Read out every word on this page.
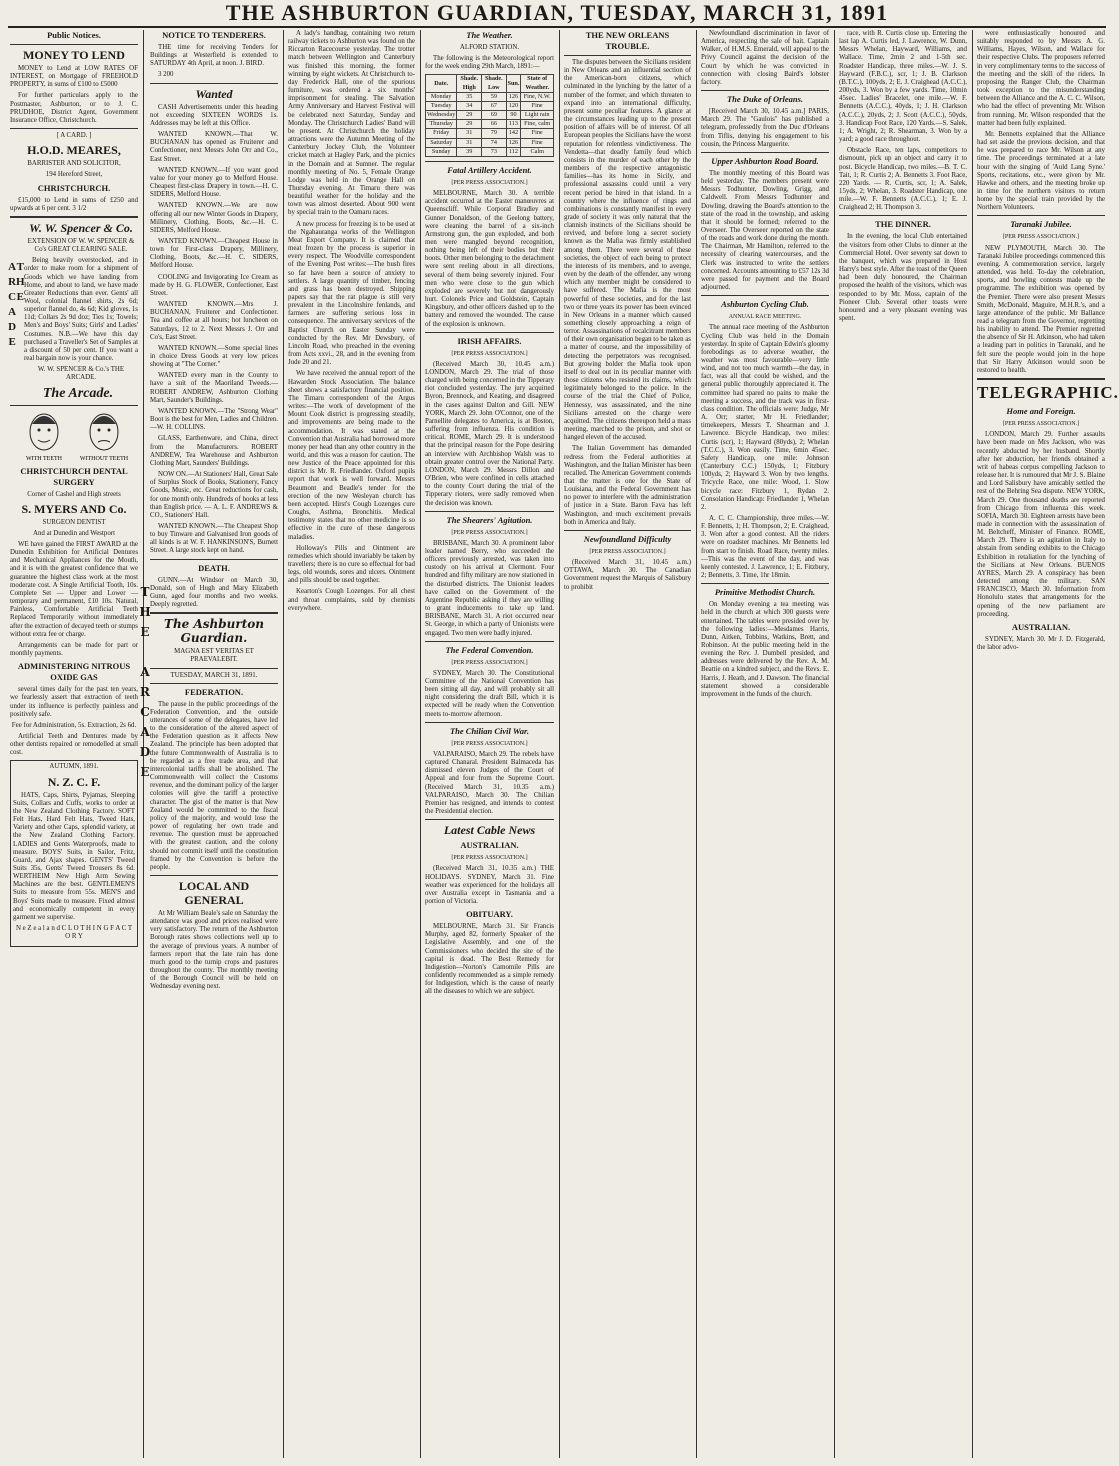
THE ASHBURTON GUARDIAN, TUESDAY, MARCH 31, 1891

Public Notices.

MONEY TO LEND

MONEY to Lend at LOW RATES OF INTEREST, on Mortgage of FREEHOLD PROPERTY, in sums of £100 to £5000

For further particulars apply to the Postmaster, Ashburton, or to J. C. PRUDHOE, District Agent, Government Insurance Office, Christchurch.

[ A CARD. ]

H.O.D. MEARES,

BARRISTER AND SOLICITOR,

194 Hereford Street,

CHRISTCHURCH.

£15,000 to Lend in sums of £250 and upwards at 6 per cent. 3 1/2

THE ARCADE

W. W. Spencer & Co.

EXTENSION OF W. W. SPENCER & Co's GREAT CLEARING SALE.

Being heavily overstocked, and in order to make room for a shipment of Goods which we have landing from Home, and about to land, we have made Greater Reductions than ever. Gents' all Wool, colonial flannel shirts, 2s 6d; superior flannel do, 4s 6d; Kid gloves, 1s 11d; Collars 2s 9d doz; Ties 1s; Towels; Men's and Boys' Suits; Girls' and Ladies' Costumes. N.B.—We have this day purchased a Traveller's Set of Samples at a discount of 50 per cent. If you want a real bargain now is your chance.

W. W. SPENCER & Co.'s THE ARCADE.

The Arcade.

WITH TEETH	WITHOUT TEETH

CHRISTCHURCH DENTAL SURGERY

Corner of Cashel and High streets

S. MYERS AND Co.

SURGEON DENTIST

And at Dunedin and Westport

WE have gained the FIRST AWARD at the Dunedin Exhibition for Artificial Dentures and Mechanical Appliances for the Mouth, and it is with the greatest confidence that we guarantee the highest class work at the most moderate cost. A Single Artificial Tooth, 10s. Complete Set — Upper and Lower — temporary and permanent, £10 10s. Natural, Painless, Comfortable Artificial Teeth Replaced Temporarily without immediately after the extraction of decayed teeth or stumps without extra fee or charge.

Arrangements can be made for part or monthly payments.

ADMINISTERING NITROUS OXIDE GAS

several times daily for the past ten years, we fearlessly assert that extraction of teeth under its influence is perfectly painless and positively safe.

Fee for Administration, 5s. Extraction, 2s 6d.

Artificial Teeth and Dentures made by other dentists repaired or remodelled at small cost.

AUTUMN, 1891.

N. Z. C. F.

HATS, Caps, Shirts, Pyjamas, Sleeping Suits, Collars and Cuffs, works to order at the New Zealand Clothing Factory. SOFT Felt Hats, Hard Felt Hats, Tweed Hats, Variety and other Caps, splendid variety, at the New Zealand Clothing Factory. LADIES and Gents Waterproofs, made to measure. BOYS' Suits, in Sailor, Fritz, Guard, and Ajax shapes. GENTS' Tweed Suits 35s, Gents' Tweed Trousers 8s 6d. WERTHEIM New High Arm Sewing Machines are the best. GENTLEMEN'S Suits to measure from 55s. MEN'S and Boys' Suits made to measure. Fixed almost and economically competent in every garment we supervise.

N e Z e a l a n d C L O T H I N G F A C T O R Y

THE ARCADE

NOTICE TO TENDERERS.

THE time for receiving Tenders for Buildings at Westerfield is extended to SATURDAY 4th April, at noon. J. BIRD.

3 200

Wanted

CASH Advertisements under this heading not exceeding SIXTEEN WORDS 1s. Addresses may be left at this Office.

WANTED KNOWN.—That W. BUCHANAN has opened as Fruiterer and Confectioner, next Messrs John Orr and Co., East Street.

WANTED KNOWN.—If you want good value for your money go to Melford House. Cheapest first-class Drapery in town.—H. C. SIDERS, Melford House.

WANTED KNOWN.—We are now offering all our new Winter Goods in Drapery, Millinery, Clothing, Boots, &c.—H. C. SIDERS, Melford House.

WANTED KNOWN.—Cheapest House in town for First-class Drapery, Millinery, Clothing, Boots, &c.—H. C. SIDERS, Melford House.

COOLING and Invigorating Ice Cream as made by H. G. FLOWER, Confectioner, East Street.

WANTED KNOWN.—Mrs J. BUCHANAN, Fruiterer and Confectioner. Tea and coffee at all hours; hot luncheon on Saturdays, 12 to 2. Next Messrs J. Orr and Co's, East Street.

WANTED KNOWN.—Some special lines in choice Dress Goods at very low prices showing at "The Corner."

WANTED every man in the County to have a suit of the Maoriland Tweeds.—ROBERT ANDREW, Ashburton Clothing Mart, Saunder's Buildings.

WANTED KNOWN.—The "Strong Wear" Boot is the best for Men, Ladies and Children.—W. H. COLLINS.

GLASS, Earthenware, and China, direct from the Manufacturers. ROBERT ANDREW, Tea Warehouse and Ashburton Clothing Mart, Saunders' Buildings.

NOW ON.—At Stationers' Hall, Great Sale of Surplus Stock of Books, Stationery, Fancy Goods, Music, etc. Great reductions for cash, for one month only. Hundreds of books at less than English price. — A. L. F. ANDREWS & CO., Stationers' Hall.

WANTED KNOWN.—The Cheapest Shop to buy Tinware and Galvanised Iron goods of all kinds is at W. F. HANKINSON'S, Burnett Street. A large stock kept on hand.

DEATH.

GUNN.—At Windsor on March 30, Donald, son of Hugh and Mary Elizabeth Gunn, aged four months and two weeks. Deeply regretted.

The Ashburton Guardian.

MAGNA EST VERITAS ET PRAEVALEBIT.

TUESDAY, MARCH 31, 1891.

FEDERATION.

The pause in the public proceedings of the Federation Convention, and the outside utterances of some of the delegates, have led to the consideration of the altered aspect of the Federation question as it affects New Zealand. The principle has been adopted that the future Commonwealth of Australia is to be regarded as a free trade area, and that intercolonial tariffs shall be abolished. The Commonwealth will collect the Customs revenue, and the dominant policy of the larger colonies will give the tariff a protective character. The gist of the matter is that New Zealand would be committed to the fiscal policy of the majority, and would lose the power of regulating her own trade and revenue. The question must be approached with the greatest caution, and the colony should not commit itself until the constitution framed by the Convention is before the people.

LOCAL AND GENERAL

At Mr William Beale's sale on Saturday the attendance was good and prices realised were very satisfactory. The return of the Ashburton Borough rates shows collections well up to the average of previous years. A number of farmers report that the late rain has done much good to the turnip crops and pastures throughout the county. The monthly meeting of the Borough Council will be held on Wednesday evening next.

A lady's handbag, containing two return railway tickets to Ashburton was found on the Riccarton Racecourse yesterday. The trotter match between Wellington and Canterbury was finished this morning, the former winning by eight wickets. At Christchurch to-day Frederick Hall, one of the spurious furniture, was ordered a six months' imprisonment for stealing. The Salvation Army Anniversary and Harvest Festival will be celebrated next Saturday, Sunday and Monday. The Christchurch Ladies' Band will be present. At Christchurch the holiday attractions were the Autumn Meeting of the Canterbury Jockey Club, the Volunteer cricket match at Hagley Park, and the picnics in the Domain and at Sumner. The regular monthly meeting of No. 5, Female Orange Lodge was held in the Orange Hall on Thursday evening. At Timaru there was beautiful weather for the holiday and the town was almost deserted. About 900 went by special train to the Oamaru races.

A new process for freezing is to be used at the Ngahauranga works of the Wellington Meat Export Company. It is claimed that meat frozen by the process is superior in every respect. The Woodville correspondent of the Evening Post writes:—The bush fires so far have been a source of anxiety to settlers. A large quantity of timber, fencing and grass has been destroyed. Shipping papers say that the rat plague is still very prevalent in the Lincolnshire fenlands, and farmers are suffering serious loss in consequence. The anniversary services of the Baptist Church on Easter Sunday were conducted by the Rev. Mr Dewsbury, of Lincoln Road, who preached in the evening from Acts xxvi., 28, and in the evening from Jude 20 and 21.

We have received the annual report of the Hawarden Stock Association. The balance sheet shows a satisfactory financial position. The Timaru correspondent of the Argus writes:—The work of development of the Mount Cook district is progressing steadily, and improvements are being made to the accommodation. It was stated at the Convention that Australia had borrowed more money per head than any other country in the world, and this was a reason for caution. The new Justice of the Peace appointed for this district is Mr. R. Friedlander. Oxford pupils report that work is well forward. Messrs Beaumont and Beadle's tender for the erection of the new Wesleyan church has been accepted. Hirst's Cough Lozenges cure Coughs, Asthma, Bronchitis. Medical testimony states that no other medicine is so effective in the cure of these dangerous maladies.

Holloway's Pills and Ointment are remedies which should invariably be taken by travellers; there is no cure so effectual for bad legs, old wounds, sores and ulcers. Ointment and pills should be used together.

Kearton's Cough Lozenges. For all chest and throat complaints, sold by chemists everywhere.

The Weather.

ALFORD STATION.

The following is the Meteorological report for the week ending 29th March, 1891:—

Date.	Shade. High	Shade. Low	Sun.	State of Weather.
Monday	35	59	126	Fine, N.W.
Tuesday	34	67	120	Fine
Wednesday	29	69	90	Light rain
Thursday	29	66	113	Fine, calm
Friday	31	79	142	Fine
Saturday	31	74	126	Fine
Sunday	39	73	112	Calm

Fatal Artillery Accident.

[PER PRESS ASSOCIATION.]

MELBOURNE, March 30. A terrible accident occurred at the Easter manœuvres at Queenscliff. While Corporal Bradley and Gunner Donaldson, of the Geelong battery, were cleaning the barrel of a six-inch Armstrong gun, the gun exploded, and both men were mangled beyond recognition, nothing being left of their bodies but their boots. Other men belonging to the detachment were sent reeling about in all directions, several of them being severely injured. Four men who were close to the gun which exploded are severely but not dangerously hurt. Colonels Price and Goldstein, Captain Kingsbury, and other officers dashed up to the battery and removed the wounded. The cause of the explosion is unknown.

IRISH AFFAIRS.

[PER PRESS ASSOCIATION.]

(Received March 30, 10.45 a.m.) LONDON, March 29. The trial of those charged with being concerned in the Tipperary riot concluded yesterday. The jury acquitted Byron, Brennock, and Keating, and disagreed in the cases against Dalton and Gill. NEW YORK, March 29. John O'Connor, one of the Parnellite delegates to America, is at Boston, suffering from influenza. His condition is critical. ROME, March 29. It is understood that the principal reason for the Pope desiring an interview with Archbishop Walsh was to obtain greater control over the National Party. LONDON, March 29. Messrs Dillon and O'Brien, who were confined in cells attached to the county Court during the trial of the Tipperary rioters, were sadly removed when the decision was known.

The Shearers' Agitation.

[PER PRESS ASSOCIATION.]

BRISBANE, March 30. A prominent labor leader named Berry, who succeeded the officers previously arrested, was taken into custody on his arrival at Clermont. Four hundred and fifty military are now stationed in the disturbed districts. The Unionist leaders have called on the Government of the Argentine Republic asking if they are willing to grant inducements to take up land. BRISBANE, March 31. A riot occurred near St. George, in which a party of Unionists were engaged. Two men were badly injured.

The Federal Convention.

[PER PRESS ASSOCIATION.]

SYDNEY, March 30. The Constitutional Committee of the National Convention has been sitting all day, and will probably sit all night considering the draft Bill, which it is expected will be ready when the Convention meets to-morrow afternoon.

The Chilian Civil War.

[PER PRESS ASSOCIATION.]

VALPARAISO, March 29. The rebels have captured Chanaral. President Balmaceda has dismissed eleven Judges of the Court of Appeal and four from the Supreme Court. (Received March 31, 10.35 a.m.) VALPARAISO, March 30. The Chilian Premier has resigned, and intends to contest the Presidential election.

Latest Cable News

AUSTRALIAN.

[PER PRESS ASSOCIATION.]

(Received March 31, 10.35 a.m.) THE HOLIDAYS. SYDNEY, March 31. Fine weather was experienced for the holidays all over Australia except in Tasmania and a portion of Victoria.

OBITUARY.

MELBOURNE, March 31. Sir Francis Murphy, aged 82, formerly Speaker of the Legislative Assembly, and one of the Commissioners who decided the site of the capital is dead. The Best Remedy for Indigestion—Norton's Camomile Pills are confidently recommended as a simple remedy for Indigestion, which is the cause of nearly all the diseases to which we are subject.

THE NEW ORLEANS TROUBLE.

The disputes between the Sicilians resident in New Orleans and an influential section of the American-born citizens, which culminated in the lynching by the latter of a number of the former, and which threaten to expand into an international difficulty, present some peculiar features. A glance at the circumstances leading up to the present position of affairs will be of interest. Of all European peoples the Sicilians have the worst reputation for relentless vindictiveness. The Vendetta—that deadly family feud which consists in the murder of each other by the members of the respective antagonistic families—has its home in Sicily, and professional assassins could until a very recent period be hired in that island. In a country where the influence of rings and combinations is constantly manifest in every grade of society it was only natural that the clannish instincts of the Sicilians should be revived, and before long a secret society known as the Mafia was firmly established among them. There were several of these societies, the object of each being to protect the interests of its members, and to avenge, even by the death of the offender, any wrong which any member might be considered to have suffered. The Mafia is the most powerful of these societies, and for the last two or three years its power has been evinced in New Orleans in a manner which caused something closely approaching a reign of terror. Assassinations of recalcitrant members of their own organisation began to be taken as a matter of course, and the impossibility of detecting the perpetrators was recognised. But growing bolder the Mafia took upon itself to deal out in its peculiar manner with those citizens who resisted its claims, which legitimately belonged to the police. In the course of the trial the Chief of Police, Hennessy, was assassinated, and the nine Sicilians arrested on the charge were acquitted. The citizens thereupon held a mass meeting, marched to the prison, and shot or hanged eleven of the accused.

The Italian Government has demanded redress from the Federal authorities at Washington, and the Italian Minister has been recalled. The American Government contends that the matter is one for the State of Louisiana, and the Federal Government has no power to interfere with the administration of justice in a State. Baron Fava has left Washington, and much excitement prevails both in America and Italy.

Newfoundland Difficulty

[PER PRESS ASSOCIATION.]

(Received March 31, 10.45 a.m.) OTTAWA, March 30. The Canadian Government request the Marquis of Salisbury to prohibit

Newfoundland discrimination in favor of America, respecting the sale of bait. Captain Walker, of H.M.S. Emerald, will appeal to the Privy Council against the decision of the Court by which he was convicted in connection with closing Baird's lobster factory.

The Duke of Orleans.

[Received March 30, 10.45 a.m.] PARIS, March 29. The "Gaulois" has published a telegram, professedly from the Duc d'Orleans from Tiflis, denying his engagement to his cousin, the Princess Marguerite.

Upper Ashburton Road Board.

The monthly meeting of this Board was held yesterday. The members present were Messrs Todhunter, Dowling, Grigg, and Caldwell. From Messrs Todhunter and Dowling, drawing the Board's attention to the state of the road in the township, and asking that it should be formed; referred to the Overseer. The Overseer reported on the state of the roads and work done during the month. The Chairman, Mr Hamilton, referred to the necessity of clearing watercourses, and the Clerk was instructed to write the settlers concerned. Accounts amounting to £57 12s 3d were passed for payment and the Board adjourned.

Ashburton Cycling Club.

ANNUAL RACE MEETING.

The annual race meeting of the Ashburton Cycling Club was held in the Domain yesterday. In spite of Captain Edwin's gloomy forebodings as to adverse weather, the weather was most favourable—very little wind, and not too much warmth—the day, in fact, was all that could be wished, and the general public thoroughly appreciated it. The committee had spared no pains to make the meeting a success, and the track was in first-class condition. The officials were: Judge, Mr A. Orr; starter, Mr H. Friedlander; timekeepers, Messrs T. Shearman and J. Lawrence. Bicycle Handicap, two miles: Curtis (scr), 1; Hayward (80yds), 2; Whelan (T.C.C.), 3. Won easily. Time, 6min 45sec. Safety Handicap, one mile: Johnson (Canterbury C.C.) 150yds, 1; Fitzbury 100yds, 2; Hayward 3. Won by two lengths. Tricycle Race, one mile: Wood, 1. Slow bicycle race: Fitzbury 1, Rydan 2. Consolation Handicap: Friedlander 1, Whelan 2.

A. C. C. Championship, three miles.—W. F. Bennetts, 1; H. Thompson, 2; E. Craighead, 3. Won after a good contest. All the riders were on roadster machines. Mr Bennetts led from start to finish. Road Race, twenty miles.—This was the event of the day, and was keenly contested. J. Lawrence, 1; E. Fitzbury, 2; Bennetts, 3. Time, 1hr 18min.

Primitive Methodist Church.

On Monday evening a tea meeting was held in the church at which 300 guests were entertained. The tables were presided over by the following ladies:—Mesdames Harris, Dunn, Aitken, Tobbins, Watkins, Brett, and Robinson. At the public meeting held in the evening the Rev. J. Dumbell presided, and addresses were delivered by the Rev. A. M. Beattie on a kindred subject, and the Revs. E. Harris, J. Heath, and J. Dawson. The financial statement showed a considerable improvement in the funds of the church.

race, with R. Curtis close up. Entering the last lap A. Curtis led, J. Lawrence, W. Dunn, Messrs Whelan, Hayward, Williams, and Wallace. Time, 2min 2 and 1-5th sec. Roadster Handicap, three miles.—W. J. S. Hayward (F.B.C.), scr, 1; J. B. Clarkson (B.T.C.), 100yds, 2; E. J. Craighead (A.C.C.), 200yds, 3. Won by a few yards. Time, 10min 45sec. Ladies' Bracelet, one mile.—W. F. Bennetts (A.C.C.), 40yds, 1; J. H. Clarkson (A.C.C.), 20yds, 2; J. Scott (A.C.C.), 50yds, 3. Handicap Foot Race, 120 Yards.—S. Salek, 1; A. Wright, 2; R. Shearman, 3. Won by a yard; a good race throughout.

Obstacle Race, ten laps, competitors to dismount, pick up an object and carry it to post. Bicycle Handicap, two miles.—B. T. C. Tait, 1; R. Curtis 2; A. Bennetts 3. Foot Race, 220 Yards. — R. Curtis, scr, 1; A. Salek, 15yds, 2; Whelan, 3. Roadster Handicap, one mile.—W. F. Bennetts (A.C.C.), 1; E. J. Craighead 2; H. Thompson 3.

THE DINNER.

In the evening, the local Club entertained the visitors from other Clubs to dinner at the Commercial Hotel. Over seventy sat down to the banquet, which was prepared in Host Harry's best style. After the toast of the Queen had been duly honoured, the Chairman proposed the health of the visitors, which was responded to by Mr. Moss, captain of the Pioneer Club. Several other toasts were honoured and a very pleasant evening was spent.

were enthusiastically honoured and suitably responded to by Messrs A. G. Williams, Hayes, Wilson, and Wallace for their respective Clubs. The proposers referred in very complimentary terms to the success of the meeting and the skill of the riders. In proposing the Ranger Club, the Chairman took exception to the misunderstanding between the Alliance and the A. C. C. Wilson, who had the effect of preventing Mr. Wilson from running. Mr. Wilson responded that the matter had been fully explained.

Mr. Bennetts explained that the Alliance had set aside the previous decision, and that he was prepared to race Mr. Wilson at any time. The proceedings terminated at a late hour with the singing of 'Auld Lang Syne.' Sports, recitations, etc., were given by Mr. Hawke and others, and the meeting broke up in time for the northern visitors to return home by the special train provided by the Northern Volunteers.

Taranaki Jubilee.

[PER PRESS ASSOCIATION.]

NEW PLYMOUTH, March 30. The Taranaki Jubilee proceedings commenced this evening. A commemoration service, largely attended, was held. To-day the celebration, sports, and bowling contests made up the programme. The exhibition was opened by the Premier. There were also present Messrs Smith, McDonald, Maguire, M.H.R.'s, and a large attendance of the public. Mr Ballance read a telegram from the Governor, regretting his inability to attend. The Premier regretted the absence of Sir H. Atkinson, who had taken a leading part in politics in Taranaki, and he felt sure the people would join in the hope that Sir Harry Atkinson would soon be restored to health.

TELEGRAPHIC.

Home and Foreign.

[PER PRESS ASSOCIATION.]

LONDON, March 29. Further assaults have been made on Mrs Jackson, who was recently abducted by her husband. Shortly after her abduction, her friends obtained a writ of habeas corpus compelling Jackson to release her. It is rumoured that Mr J. S. Blaine and Lord Salisbury have amicably settled the rest of the Behring Sea dispute. NEW YORK, March 29. One thousand deaths are reported from Chicago from influenza this week. SOFIA, March 30. Eighteen arrests have been made in connection with the assassination of M. Beltcheff, Minister of Finance. ROME, March 29. There is an agitation in Italy to abstain from sending exhibits to the Chicago Exhibition in retaliation for the lynching of the Sicilians at New Orleans. BUENOS AYRES, March 29. A conspiracy has been detected among the military. SAN FRANCISCO, March 30. Information from Honolulu states that arrangements for the opening of the new parliament are proceeding.

AUSTRALIAN.

SYDNEY, March 30. Mr J. D. Fitzgerald, the labor advo-
